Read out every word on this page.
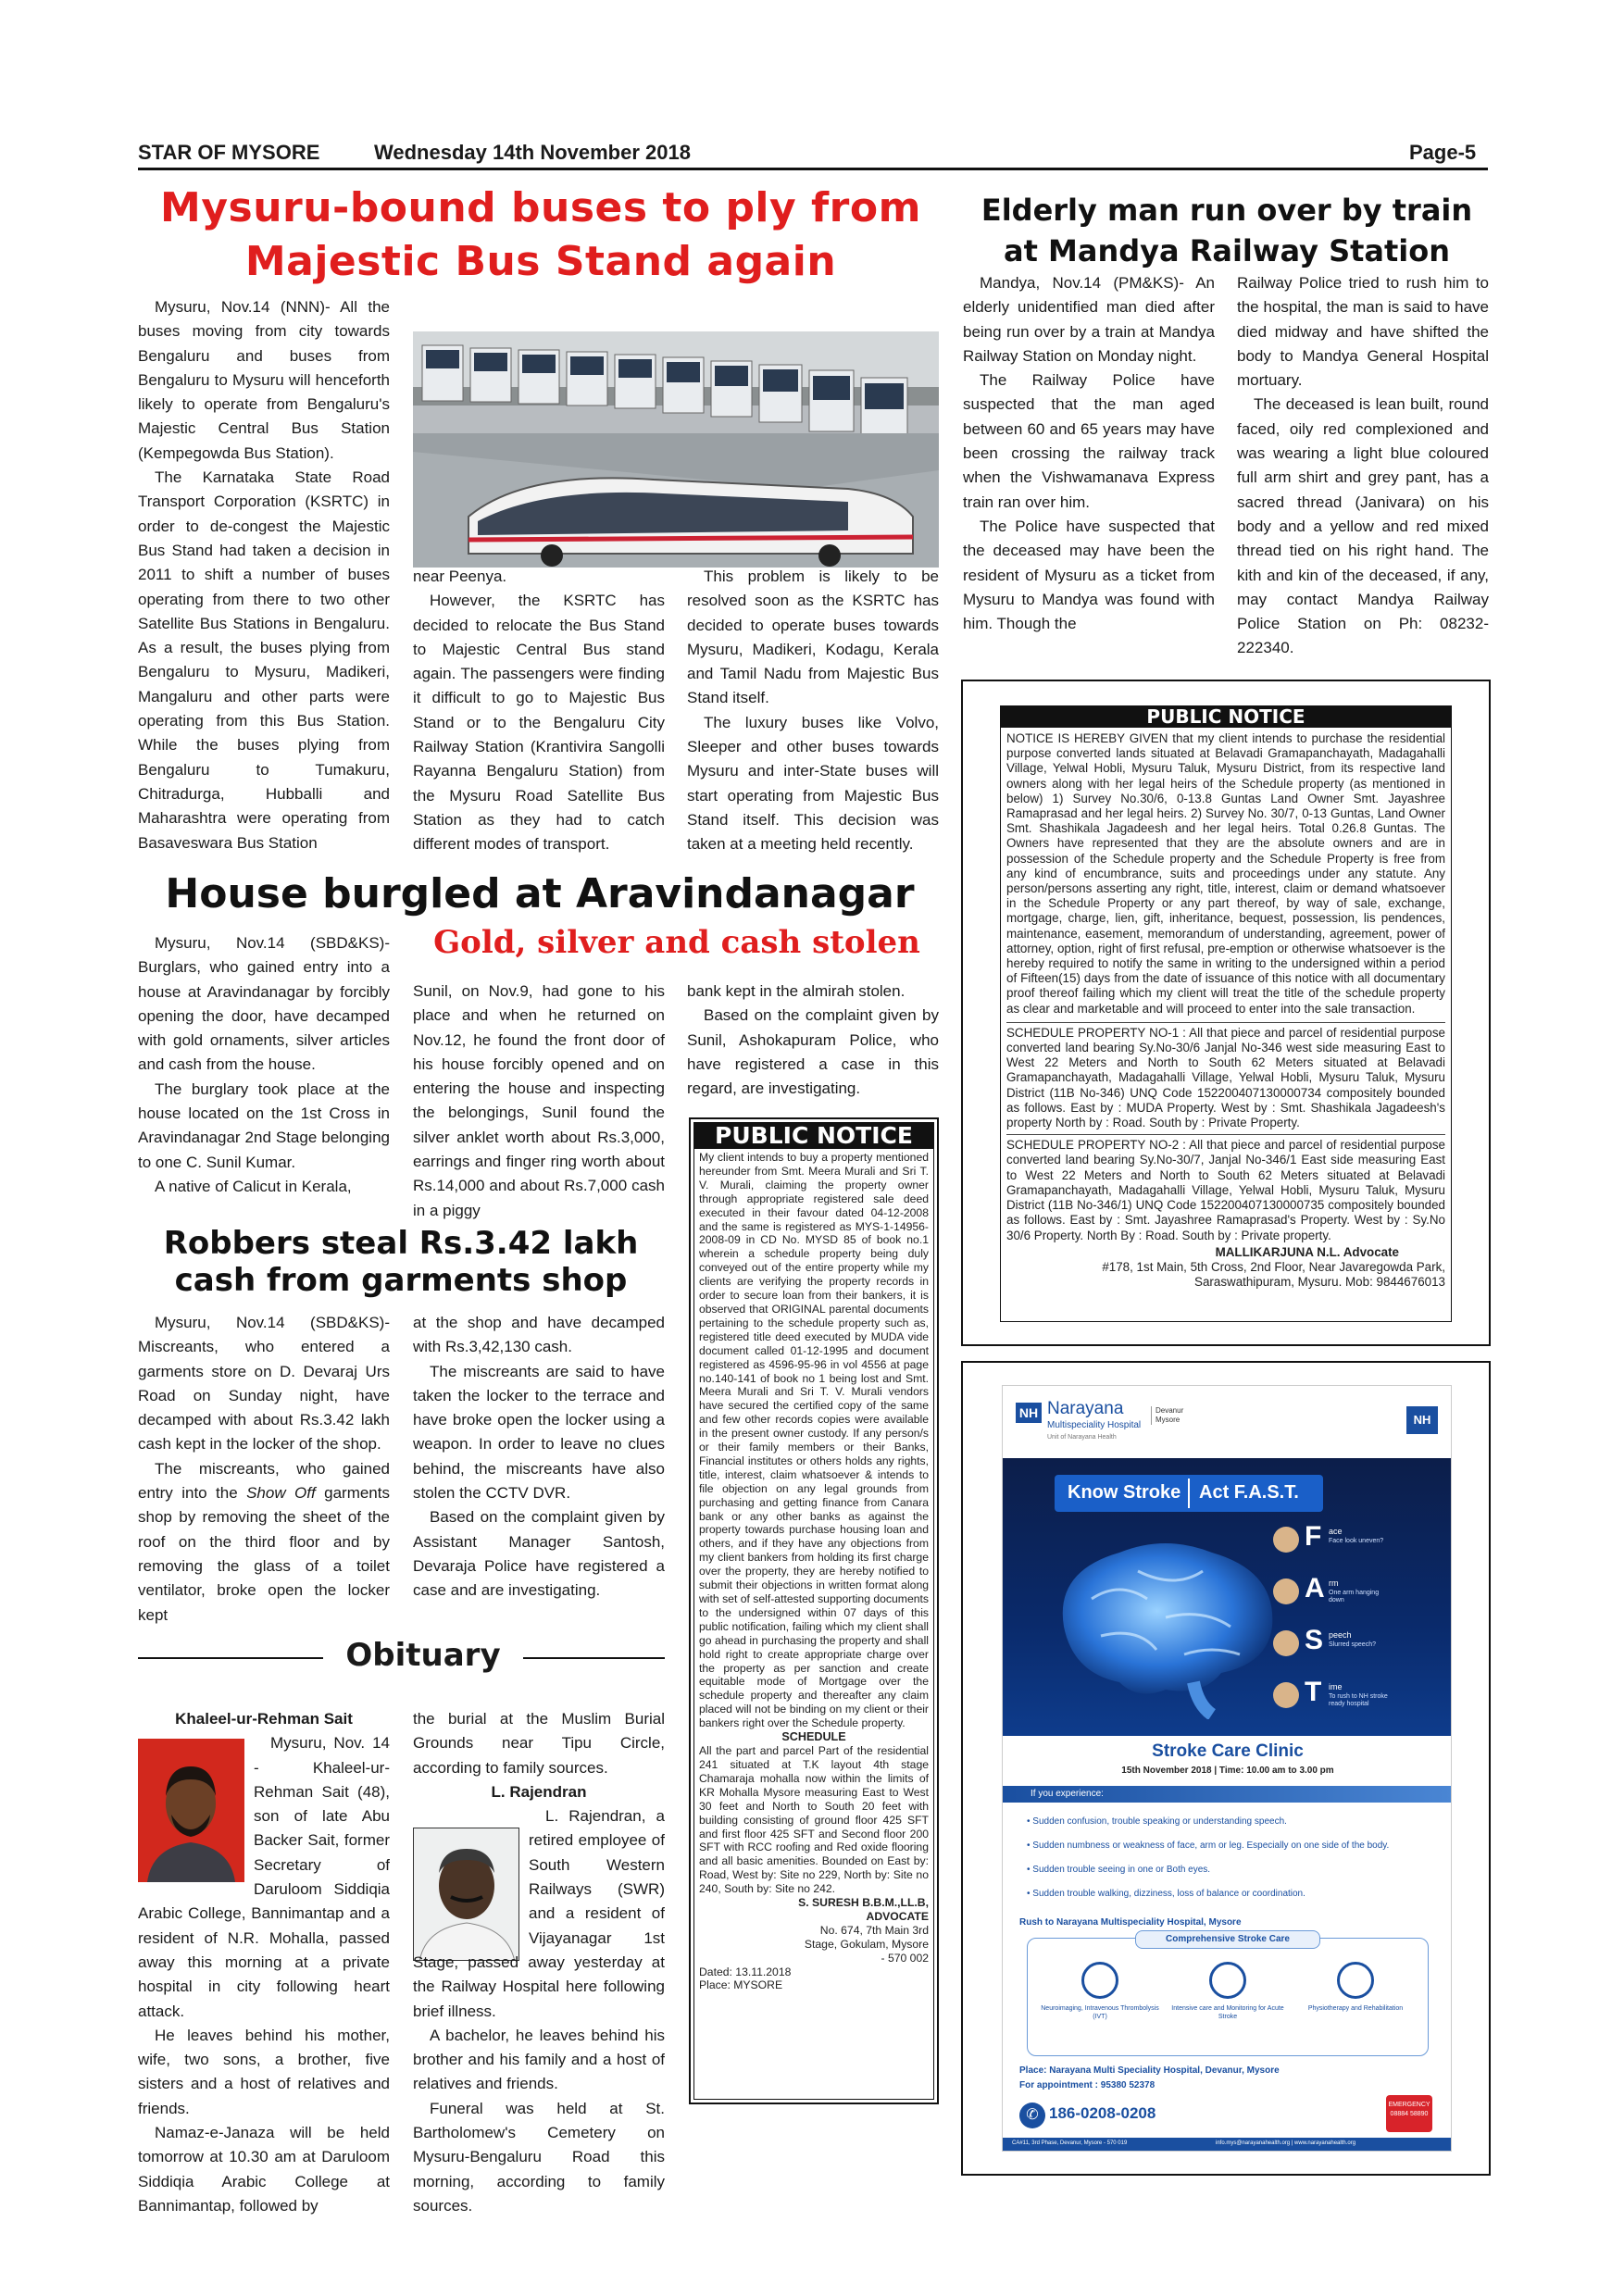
STAR OF MYSORE	Wednesday 14th November 2018	Page-5
Mysuru-bound buses to ply from
Majestic Bus Stand again

Mysuru, Nov.14 (NNN)- All the buses moving from city towards Bengaluru and buses from Bengaluru to Mysuru will henceforth likely to operate from Bengaluru's Majestic Central Bus Station (Kempegowda Bus Station).

The Karnataka State Road Transport Corporation (KSRTC) in order to de-congest the Majestic Bus Stand had taken a decision in 2011 to shift a number of buses operating from there to two other Satellite Bus Stations in Bengaluru. As a result, the buses plying from Bengaluru to Mysuru, Madikeri, Mangaluru and other parts were operating from this Bus Station. While the buses plying from Bengaluru to Tumakuru, Chitradurga, Hubballi and Maharashtra were operating from Basaveswara Bus Station

near Peenya.

However, the KSRTC has decided to relocate the Bus Stand to Majestic Central Bus stand again. The passengers were finding it difficult to go to Majestic Bus Stand or to the Bengaluru City Railway Station (Krantivira Sangolli Rayanna Bengaluru Station) from the Mysuru Road Satellite Bus Station as they had to catch different modes of transport.

This problem is likely to be resolved soon as the KSRTC has decided to operate buses towards Mysuru, Madikeri, Kodagu, Kerala and Tamil Nadu from Majestic Bus Stand itself.

The luxury buses like Volvo, Sleeper and other buses towards Mysuru and inter-State buses will start operating from Majestic Bus Stand itself. This decision was taken at a meeting held recently.

Elderly man run over by train
at Mandya Railway Station

Mandya, Nov.14 (PM&KS)- An elderly unidentified man died after being run over by a train at Mandya Railway Station on Monday night.

The Railway Police have suspected that the man aged between 60 and 65 years may have been crossing the railway track when the Vishwamanava Express train ran over him.

The Police have suspected that the deceased may have been the resident of Mysuru as a ticket from Mysuru to Mandya was found with him. Though the

Railway Police tried to rush him to the hospital, the man is said to have died midway and have shifted the body to Mandya General Hospital mortuary.

The deceased is lean built, round faced, oily red complexioned and was wearing a light blue coloured full arm shirt and grey pant, has a sacred thread (Janivara) on his body and a yellow and red mixed thread tied on his right hand. The kith and kin of the deceased, if any, may contact Mandya Railway Police Station on Ph: 08232-222340.

PUBLIC NOTICE
NOTICE IS HEREBY GIVEN that my client intends to purchase the residential purpose converted lands situated at Belavadi Gramapanchayath, Madagahalli Village, Yelwal Hobli, Mysuru Taluk, Mysuru District, from its respective land owners along with her legal heirs of the Schedule property (as mentioned in below) 1) Survey No.30/6, 0-13.8 Guntas Land Owner Smt. Jayashree Ramaprasad and her legal heirs. 2) Survey No. 30/7, 0-13 Guntas, Land Owner Smt. Shashikala Jagadeesh and her legal heirs. Total 0.26.8 Guntas. The Owners have represented that they are the absolute owners and are in possession of the Schedule property and the Schedule Property is free from any kind of encumbrance, suits and proceedings under any statute. Any person/persons asserting any right, title, interest, claim or demand whatsoever in the Schedule Property or any part thereof, by way of sale, exchange, mortgage, charge, lien, gift, inheritance, bequest, possession, lis pendences, maintenance, easement, memorandum of understanding, agreement, power of attorney, option, right of first refusal, pre-emption or otherwise whatsoever is the hereby required to notify the same in writing to the undersigned within a period of Fifteen(15) days from the date of issuance of this notice with all documentary proof thereof failing which my client will treat the title of the schedule property as clear and marketable and will proceed to enter into the sale transaction.
SCHEDULE PROPERTY NO-1 : All that piece and parcel of residential purpose converted land bearing Sy.No-30/6 Janjal No-346 west side measuring East to West 22 Meters and North to South 62 Meters situated at Belavadi Gramapanchayath, Madagahalli Village, Yelwal Hobli, Mysuru Taluk, Mysuru District (11B No-346) UNQ Code 152200407130000734 compositely bounded as follows. East by : MUDA Property. West by : Smt. Shashikala Jagadeesh's property North by : Road. South by : Private Property.
SCHEDULE PROPERTY NO-2 : All that piece and parcel of residential purpose converted land bearing Sy.No-30/7, Janjal No-346/1 East side measuring East to West 22 Meters and North to South 62 Meters situated at Belavadi Gramapanchayath, Madagahalli Village, Yelwal Hobli, Mysuru Taluk, Mysuru District (11B No-346/1) UNQ Code 152200407130000735 compositely bounded as follows. East by : Smt. Jayashree Ramaprasad's Property. West by : Sy.No 30/6 Property. North By : Road. South by : Private property.
MALLIKARJUNA N.L. Advocate
#178, 1st Main, 5th Cross, 2nd Floor, Near Javaregowda Park, Saraswathipuram, Mysuru. Mob: 9844676013
House burgled at Aravindanagar
Gold, silver and cash stolen

Mysuru, Nov.14 (SBD&KS)- Burglars, who gained entry into a house at Aravindanagar by forcibly opening the door, have decamped with gold ornaments, silver articles and cash from the house.

The burglary took place at the house located on the 1st Cross in Aravindanagar 2nd Stage belonging to one C. Sunil Kumar.

A native of Calicut in Kerala,

Sunil, on Nov.9, had gone to his place and when he returned on Nov.12, he found the front door of his house forcibly opened and on entering the house and inspecting the belongings, Sunil found the silver anklet worth about Rs.3,000, earrings and finger ring worth about Rs.14,000 and about Rs.7,000 cash in a piggy

bank kept in the almirah stolen.

Based on the complaint given by Sunil, Ashokapuram Police, who have registered a case in this regard, are investigating.

Robbers steal Rs.3.42 lakh
cash from garments shop

Mysuru, Nov.14 (SBD&KS)- Miscreants, who entered a garments store on D. Devaraj Urs Road on Sunday night, have decamped with about Rs.3.42 lakh cash kept in the locker of the shop.

The miscreants, who gained entry into the Show Off garments shop by removing the sheet of the roof on the third floor and by removing the glass of a toilet ventilator, broke open the locker kept

at the shop and have decamped with Rs.3,42,130 cash.

The miscreants are said to have taken the locker to the terrace and have broke open the locker using a weapon. In order to leave no clues behind, the miscreants have also stolen the CCTV DVR.

Based on the complaint given by Assistant Manager Santosh, Devaraja Police have registered a case and are investigating.

Obituary

Khaleel-ur-Rehman Sait

Mysuru, Nov. 14 - Khaleel-ur-Rehman Sait (48), son of late Abu Backer Sait, former Secretary of Daruloom Siddiqia Arabic College, Bannimantap and a resident of N.R. Mohalla, passed away this morning at a private hospital in city following heart attack.

He leaves behind his mother, wife, two sons, a brother, five sisters and a host of relatives and friends.

Namaz-e-Janaza will be held tomorrow at 10.30 am at Daruloom Siddiqia Arabic College at Bannimantap, followed by

the burial at the Muslim Burial Grounds near Tipu Circle, according to family sources.

L. Rajendran

L. Rajendran, a retired employee of South Western Railways (SWR) and a resident of Vijayanagar 1st Stage, passed away yesterday at the Railway Hospital here following brief illness.

A bachelor, he leaves behind his brother and his family and a host of relatives and friends.

Funeral was held at St. Bartholomew's Cemetery on Mysuru-Bengaluru Road this morning, according to family sources.

PUBLIC NOTICE
My client intends to buy a property mentioned hereunder from Smt. Meera Murali and Sri T. V. Murali, claiming the property owner through appropriate registered sale deed executed in their favour dated 04-12-2008 and the same is registered as MYS-1-14956-2008-09 in CD No. MYSD 85 of book no.1 wherein a schedule property being duly conveyed out of the entire property while my clients are verifying the property records in order to secure loan from their bankers, it is observed that ORIGINAL parental documents pertaining to the schedule property such as, registered title deed executed by MUDA vide document called 01-12-1995 and document registered as 4596-95-96 in vol 4556 at page no.140-141 of book no 1 being lost and Smt. Meera Murali and Sri T. V. Murali vendors have secured the certified copy of the same and few other records copies were available in the present owner custody. If any person/s or their family members or their Banks, Financial institutes or others holds any rights, title, interest, claim whatsoever & intends to file objection on any legal grounds from purchasing and getting finance from Canara bank or any other banks as against the property towards purchase housing loan and others, and if they have any objections from my client bankers from holding its first charge over the property, they are hereby notified to submit their objections in written format along with set of self-attested supporting documents to the undersigned within 07 days of this public notification, failing which my client shall go ahead in purchasing the property and shall hold right to create appropriate charge over the property as per sanction and create equitable mode of Mortgage over the schedule property and thereafter any claim placed will not be binding on my client or their bankers right over the Schedule property.
SCHEDULE
All the part and parcel Part of the residential 241 situated at T.K layout 4th stage Chamaraja mohalla now within the limits of KR Mohalla Mysore measuring East to West 30 feet and North to South 20 feet with building consisting of ground floor 425 SFT and first floor 425 SFT and Second floor 200 SFT with RCC roofing and Red oxide flooring and all basic amenities. Bounded on East by: Road, West by: Site no 229, North by: Site no 240, South by: Site no 242.
S. SURESH B.B.M.,LL.B, ADVOCATE
No. 674, 7th Main 3rd Stage, Gokulam, Mysore - 570 002
Dated: 13.11.2018
Place: MYSORE
NH Narayana
Multispeciality Hospital
Devanur Mysore
Unit of Narayana Health
NH
Know Stroke Act F.A.S.T.
F ace
Face look uneven?
A rm
One arm hanging down
S peech
Slurred speech?
T ime
To rush to NH stroke ready hospital
Stroke Care Clinic
15th November 2018 | Time: 10.00 am to 3.00 pm
If you experience:
• Sudden confusion, trouble speaking or understanding speech.
• Sudden numbness or weakness of face, arm or leg. Especially on one side of the body.
• Sudden trouble seeing in one or Both eyes.
• Sudden trouble walking, dizziness, loss of balance or coordination.
Rush to Narayana Multispeciality Hospital, Mysore
Comprehensive Stroke Care
Neuroimaging, Intravenous Thrombolysis (IVT)
Intensive care and Monitoring for Acute Stroke
Physiotherapy and Rehabilitation
Place: Narayana Multi Speciality Hospital, Devanur, Mysore
For appointment : 95380 52378
✆ 186-0208-0208	EMERGENCY 08884 58890
CA#11, 3rd Phase, Devanur, Mysore - 570 019	info.mys@narayanahealth.org | www.narayanahealth.org
